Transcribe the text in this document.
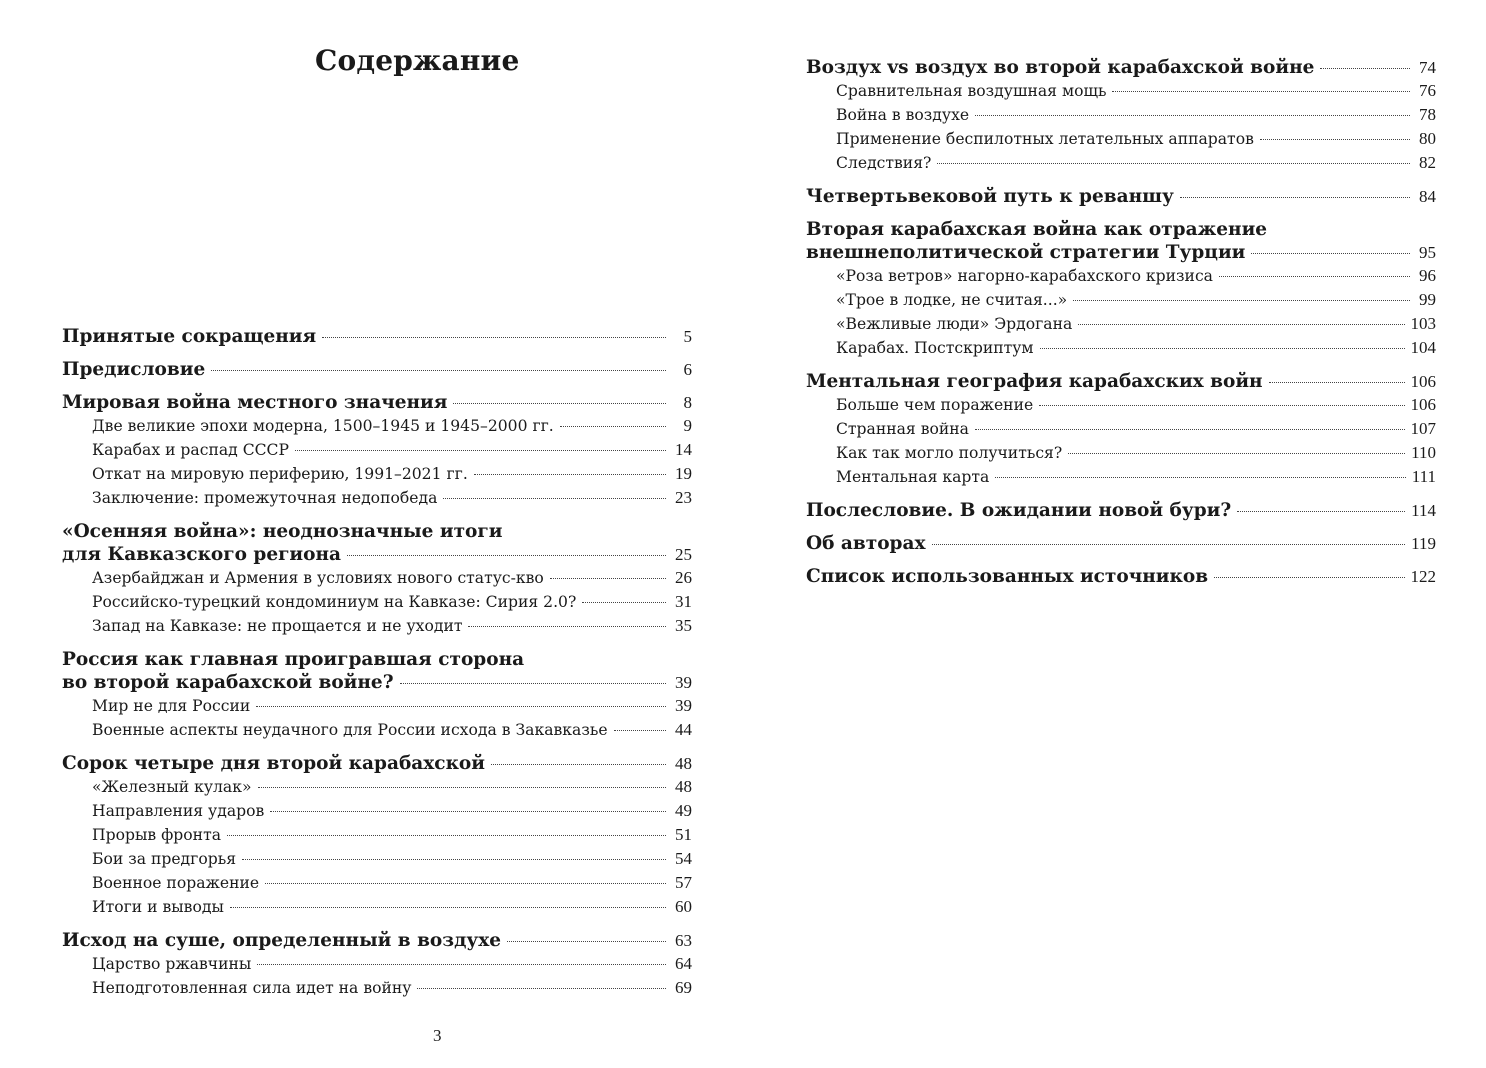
Содержание
Принятые сокращения	5
Предисловие	6
Мировая война местного значения	8
Две великие эпохи модерна, 1500–1945 и 1945–2000 гг.	9
Карабах и распад СССР	14
Откат на мировую периферию, 1991–2021 гг.	19
Заключение: промежуточная недопобеда	23
«Осенняя война»: неоднозначные итоги
для Кавказского региона	25
Азербайджан и Армения в условиях нового статус-кво	26
Российско-турецкий кондоминиум на Кавказе: Сирия 2.0?	31
Запад на Кавказе: не прощается и не уходит	35
Россия как главная проигравшая сторона
во второй карабахской войне?	39
Мир не для России	39
Военные аспекты неудачного для России исхода в Закавказье	44
Сорок четыре дня второй карабахской	48
«Железный кулак»	48
Направления ударов	49
Прорыв фронта	51
Бои за предгорья	54
Военное поражение	57
Итоги и выводы	60
Исход на суше, определенный в воздухе	63
Царство ржавчины	64
Неподготовленная сила идет на войну	69
3
Воздух vs воздух во второй карабахской войне	74
Сравнительная воздушная мощь	76
Война в воздухе	78
Применение беспилотных летательных аппаратов	80
Следствия?	82
Четвертьвековой путь к реваншу	84
Вторая карабахская война как отражение
внешнеполитической стратегии Турции	95
«Роза ветров» нагорно-карабахского кризиса	96
«Трое в лодке, не считая...»	99
«Вежливые люди» Эрдогана	103
Карабах. Постскриптум	104
Ментальная география карабахских войн	106
Больше чем поражение	106
Странная война	107
Как так могло получиться?	110
Ментальная карта	111
Послесловие. В ожидании новой бури?	114
Об авторах	119
Список использованных источников	122
